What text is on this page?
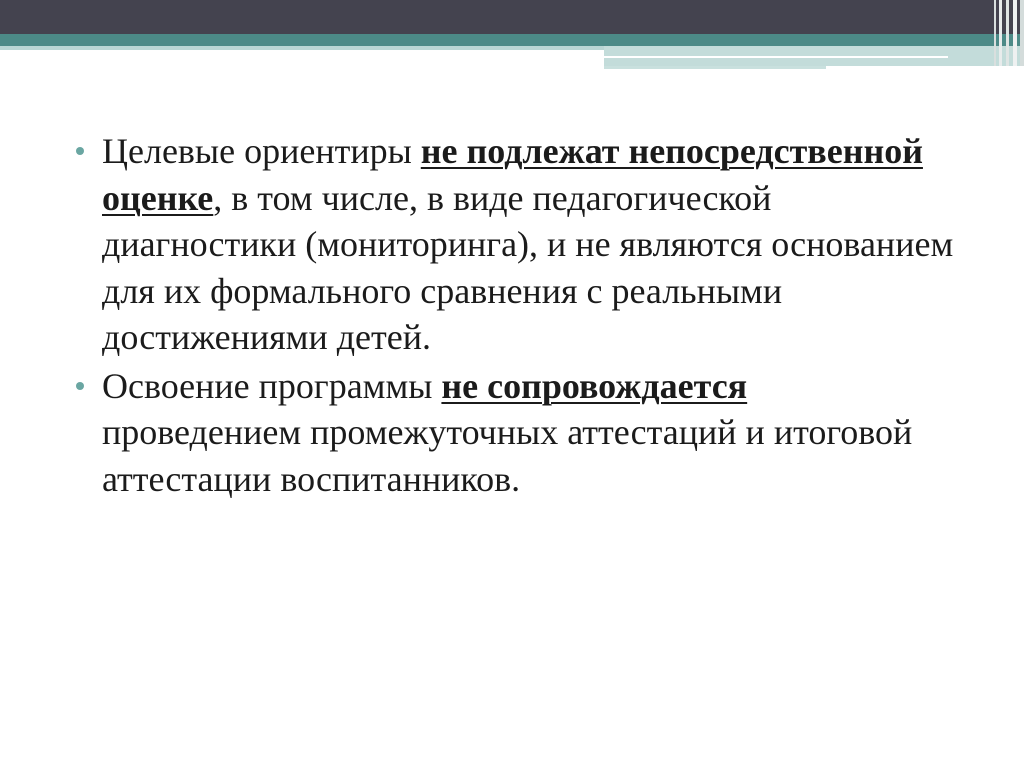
Целевые ориентиры не подлежат непосредственной оценке, в том числе, в виде педагогической диагностики (мониторинга), и не являются основанием для их формального сравнения с реальными достижениями детей.
Освоение программы не сопровождается проведением промежуточных аттестаций и итоговой аттестации воспитанников.
